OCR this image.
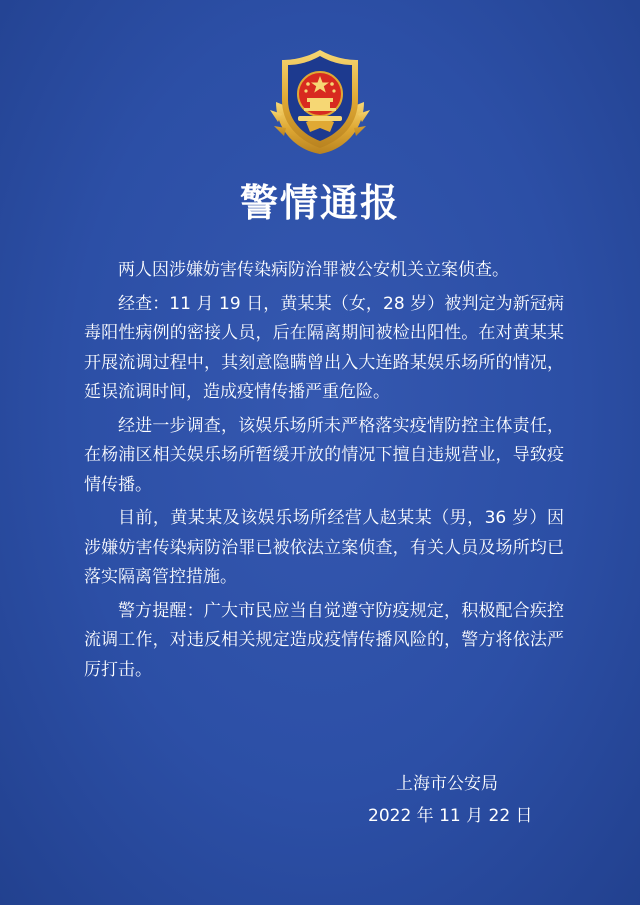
警情通报

两人因涉嫌妨害传染病防治罪被公安机关立案侦查。

经查：11 月 19 日，黄某某（女，28 岁）被判定为新冠病毒阳性病例的密接人员，后在隔离期间被检出阳性。在对黄某某开展流调过程中，其刻意隐瞒曾出入大连路某娱乐场所的情况，延误流调时间，造成疫情传播严重危险。

经进一步调查，该娱乐场所未严格落实疫情防控主体责任，在杨浦区相关娱乐场所暂缓开放的情况下擅自违规营业，导致疫情传播。

目前，黄某某及该娱乐场所经营人赵某某（男，36 岁）因涉嫌妨害传染病防治罪已被依法立案侦查，有关人员及场所均已落实隔离管控措施。

警方提醒：广大市民应当自觉遵守防疫规定，积极配合疾控流调工作，对违反相关规定造成疫情传播风险的，警方将依法严厉打击。

上海市公安局
2022 年 11 月 22 日
